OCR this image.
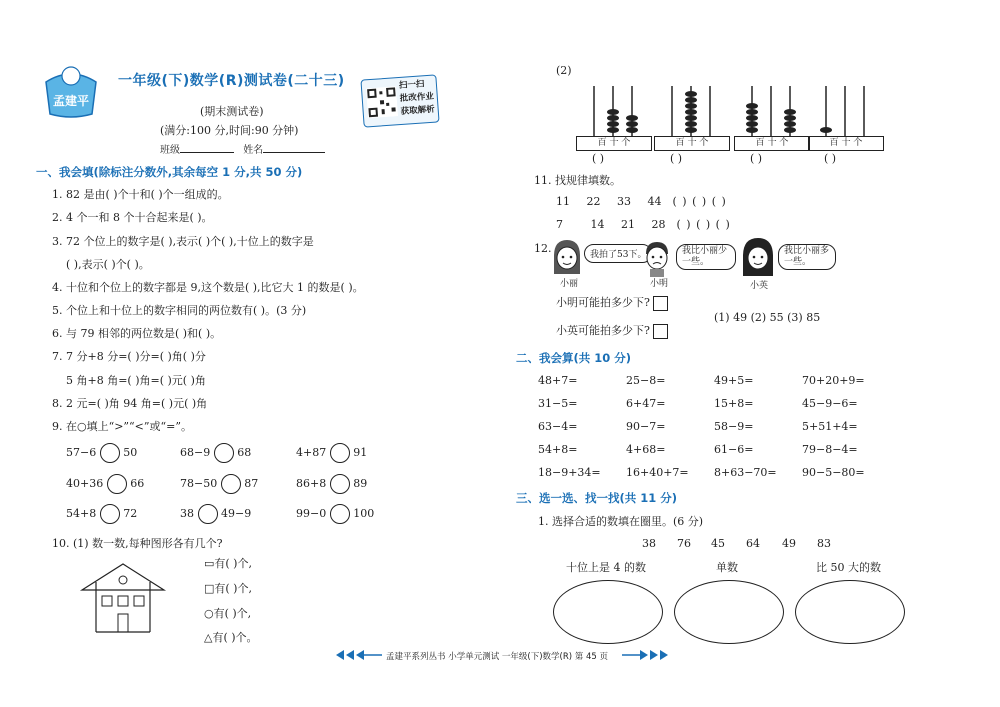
孟建平
一年级(下)数学(R)测试卷(二十三)
(期末测试卷)
(满分:100 分,时间:90 分钟)
班级	姓名
扫一扫
批改作业
获取解析
一、我会填(除标注分数外,其余每空 1 分,共 50 分)
1. 82 是由( )个十和( )个一组成的。
2. 4 个一和 8 个十合起来是( )。
3. 72 个位上的数字是( ),表示( )个( ),十位上的数字是
( ),表示( )个( )。
4. 十位和个位上的数字都是 9,这个数是( ),比它大 1 的数是( )。
5. 个位上和十位上的数字相同的两位数有( )。(3 分)
6. 与 79 相邻的两位数是( )和( )。
7. 7 分+8 分=( )分=( )角( )分
5 角+8 角=( )角=( )元( )角
8. 2 元=( )角 94 角=( )元( )角
9. 在○填上“>”“<”或“=”。
57−6 50	68−9 68	4+87 91
40+36 66	78−50 87	86+8 89
54+8 72	38 49−9	99−0 100
10. (1) 数一数,每种图形各有几个?
▭有( )个,
□有( )个,
○有( )个,
△有( )个。
(2)
百 十 个
( )
百 十 个
( )
百 十 个
( )
百 十 个
( )
11. 找规律填数。
11 22 33 44 ( ) ( ) ( )
7 14 21 28 ( ) ( ) ( )
12.	我拍了53下。
小丽
我比小丽少一些。
小明
我比小丽多一些。
小英
小明可能拍多少下?
小英可能拍多少下?
(1) 49 (2) 55 (3) 85
二、我会算(共 10 分)
48+7=	25−8=	49+5=	70+20+9=
31−5=	6+47=	15+8=	45−9−6=
63−4=	90−7=	58−9=	5+51+4=
54+8=	4+68=	61−6=	79−8−4=
18−9+34= 16+40+7= 8+63−70= 90−5−80=
三、选一选、找一找(共 11 分)
1. 选择合适的数填在圈里。(6 分)
38 76 45 64 49 83
十位上是 4 的数	单数	比 50 大的数
孟建平系列丛书 小学单元测试 一年级(下)数学(R) 第 45 页
